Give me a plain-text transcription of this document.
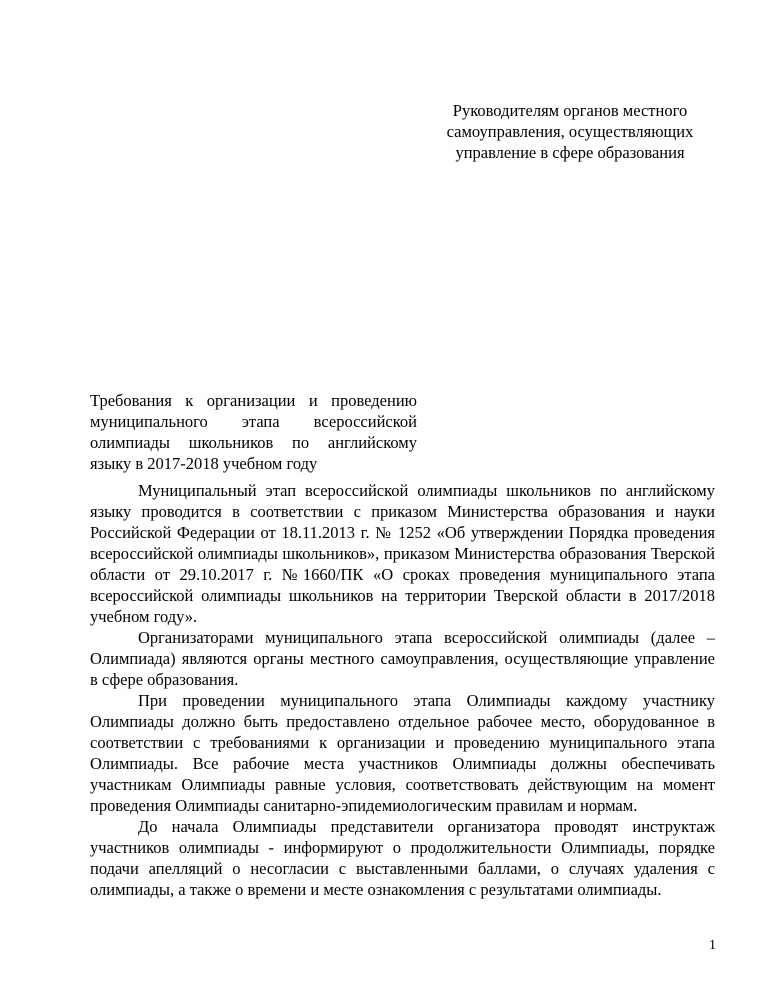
Руководителям органов местного
самоуправления, осуществляющих
управление в сфере образования
Требования к организации и проведению
муниципального этапа всероссийской
олимпиады школьников по английскому
языку в 2017-2018 учебном году

Муниципальный этап всероссийской олимпиады школьников по английскому языку проводится в соответствии с приказом Министерства образования и науки Российской Федерации от 18.11.2013 г. № 1252 «Об утверждении Порядка проведения всероссийской олимпиады школьников», приказом Министерства образования Тверской области от 29.10.2017 г. №1660/ПК «О сроках проведения муниципального этапа всероссийской олимпиады школьников на территории Тверской области в 2017/2018 учебном году».

Организаторами муниципального этапа всероссийской олимпиады (далее – Олимпиада) являются органы местного самоуправления, осуществляющие управление в сфере образования.

При проведении муниципального этапа Олимпиады каждому участнику Олимпиады должно быть предоставлено отдельное рабочее место, оборудованное в соответствии с требованиями к организации и проведению муниципального этапа Олимпиады. Все рабочие места участников Олимпиады должны обеспечивать участникам Олимпиады равные условия, соответствовать действующим на момент проведения Олимпиады санитарно-эпидемиологическим правилам и нормам.

До начала Олимпиады представители организатора проводят инструктаж участников олимпиады - информируют о продолжительности Олимпиады, порядке подачи апелляций о несогласии с выставленными баллами, о случаях удаления с олимпиады, а также о времени и месте ознакомления с результатами олимпиады.

1
